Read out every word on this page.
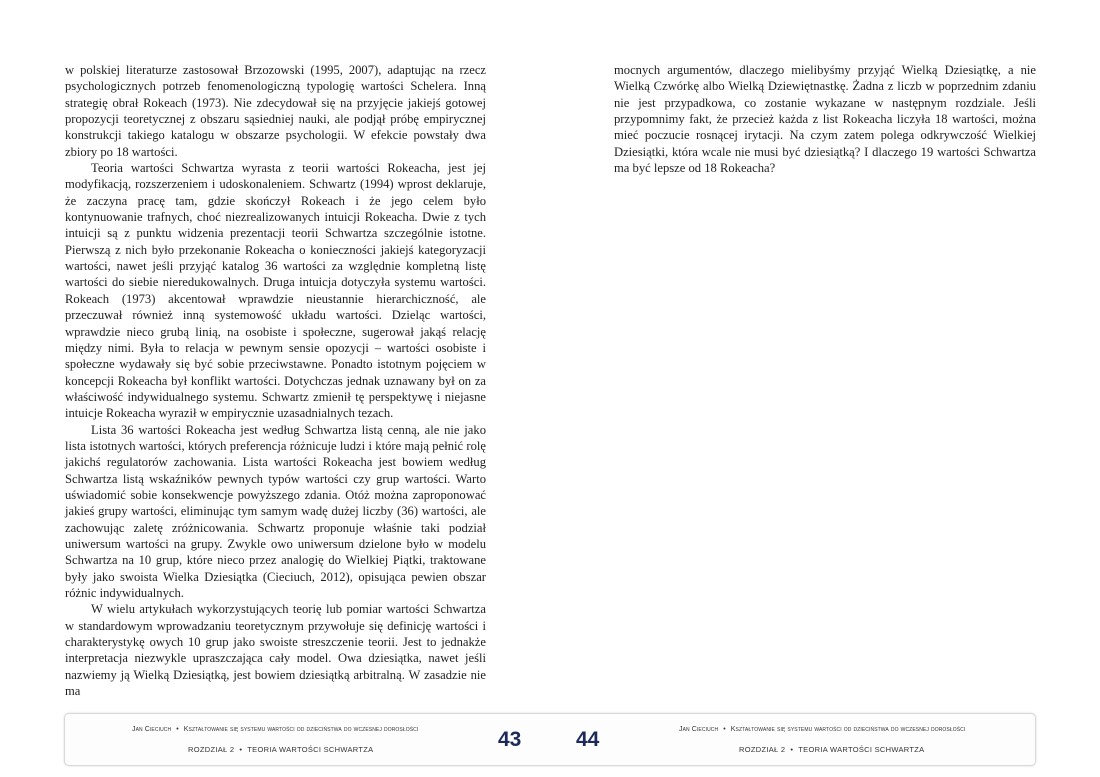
w polskiej literaturze zastosował Brzozowski (1995, 2007), adaptując na rzecz psychologicznych potrzeb fenomenologiczną typologię wartości Schelera. Inną strategię obrał Rokeach (1973). Nie zdecydował się na przyjęcie jakiejś gotowej propozycji teoretycznej z obszaru sąsiedniej nauki, ale podjął próbę empirycznej konstrukcji takiego katalogu w obszarze psychologii. W efekcie powstały dwa zbiory po 18 wartości.

Teoria wartości Schwartza wyrasta z teorii wartości Rokeacha, jest jej modyfikacją, rozszerzeniem i udoskonaleniem. Schwartz (1994) wprost deklaruje, że zaczyna pracę tam, gdzie skończył Rokeach i że jego celem było kontynuowanie trafnych, choć niezrealizowanych intuicji Rokeacha. Dwie z tych intuicji są z punktu widzenia prezentacji teorii Schwartza szczególnie istotne. Pierwszą z nich było przekonanie Rokeacha o konieczności jakiejś kategoryzacji wartości, nawet jeśli przyjąć katalog 36 wartości za względnie kompletną listę wartości do siebie nieredukowalnych. Druga intuicja dotyczyła systemu wartości. Rokeach (1973) akcentował wprawdzie nieustannie hierarchiczność, ale przeczuwał również inną systemowość układu wartości. Dzieląc wartości, wprawdzie nieco grubą linią, na osobiste i społeczne, sugerował jakąś relację między nimi. Była to relacja w pewnym sensie opozycji – wartości osobiste i społeczne wydawały się być sobie przeciwstawne. Ponadto istotnym pojęciem w koncepcji Rokeacha był konflikt wartości. Dotychczas jednak uznawany był on za właściwość indywidualnego systemu. Schwartz zmienił tę perspektywę i niejasne intuicje Rokeacha wyraził w empirycznie uzasadnialnych tezach.

Lista 36 wartości Rokeacha jest według Schwartza listą cenną, ale nie jako lista istotnych wartości, których preferencja różnicuje ludzi i które mają pełnić rolę jakichś regulatorów zachowania. Lista wartości Rokeacha jest bowiem według Schwartza listą wskaźników pewnych typów wartości czy grup wartości. Warto uświadomić sobie konsekwencje powyższego zdania. Otóż można zaproponować jakieś grupy wartości, eliminując tym samym wadę dużej liczby (36) wartości, ale zachowując zaletę zróżnicowania. Schwartz proponuje właśnie taki podział uniwersum wartości na grupy. Zwykle owo uniwersum dzielone było w modelu Schwartza na 10 grup, które nieco przez analogię do Wielkiej Piątki, traktowane były jako swoista Wielka Dziesiątka (Cieciuch, 2012), opisująca pewien obszar różnic indywidualnych.

W wielu artykułach wykorzystujących teorię lub pomiar wartości Schwartza w standardowym wprowadzaniu teoretycznym przywołuje się definicję wartości i charakterystykę owych 10 grup jako swoiste streszczenie teorii. Jest to jednakże interpretacja niezwykle upraszczająca cały model. Owa dziesiątka, nawet jeśli nazwiemy ją Wielką Dziesiątką, jest bowiem dziesiątką arbitralną. W zasadzie nie ma

mocnych argumentów, dlaczego mielibyśmy przyjąć Wielką Dziesiątkę, a nie Wielką Czwórkę albo Wielką Dziewiętnastkę. Żadna z liczb w poprzednim zdaniu nie jest przypadkowa, co zostanie wykazane w następnym rozdziale. Jeśli przypomnimy fakt, że przecież każda z list Rokeacha liczyła 18 wartości, można mieć poczucie rosnącej irytacji. Na czym zatem polega odkrywczość Wielkiej Dziesiątki, która wcale nie musi być dziesiątką? I dlaczego 19 wartości Schwartza ma być lepsze od 18 Rokeacha?

Jan Cieciuch • Kształtowanie się systemu wartości od dzieciństwa do wczesnej dorosłości
ROZDZIAŁ 2 • TEORIA WARTOŚCI SCHWARTZA	43	44	Jan Cieciuch • Kształtowanie się systemu wartości od dzieciństwa do wczesnej dorosłości
ROZDZIAŁ 2 • TEORIA WARTOŚCI SCHWARTZA
